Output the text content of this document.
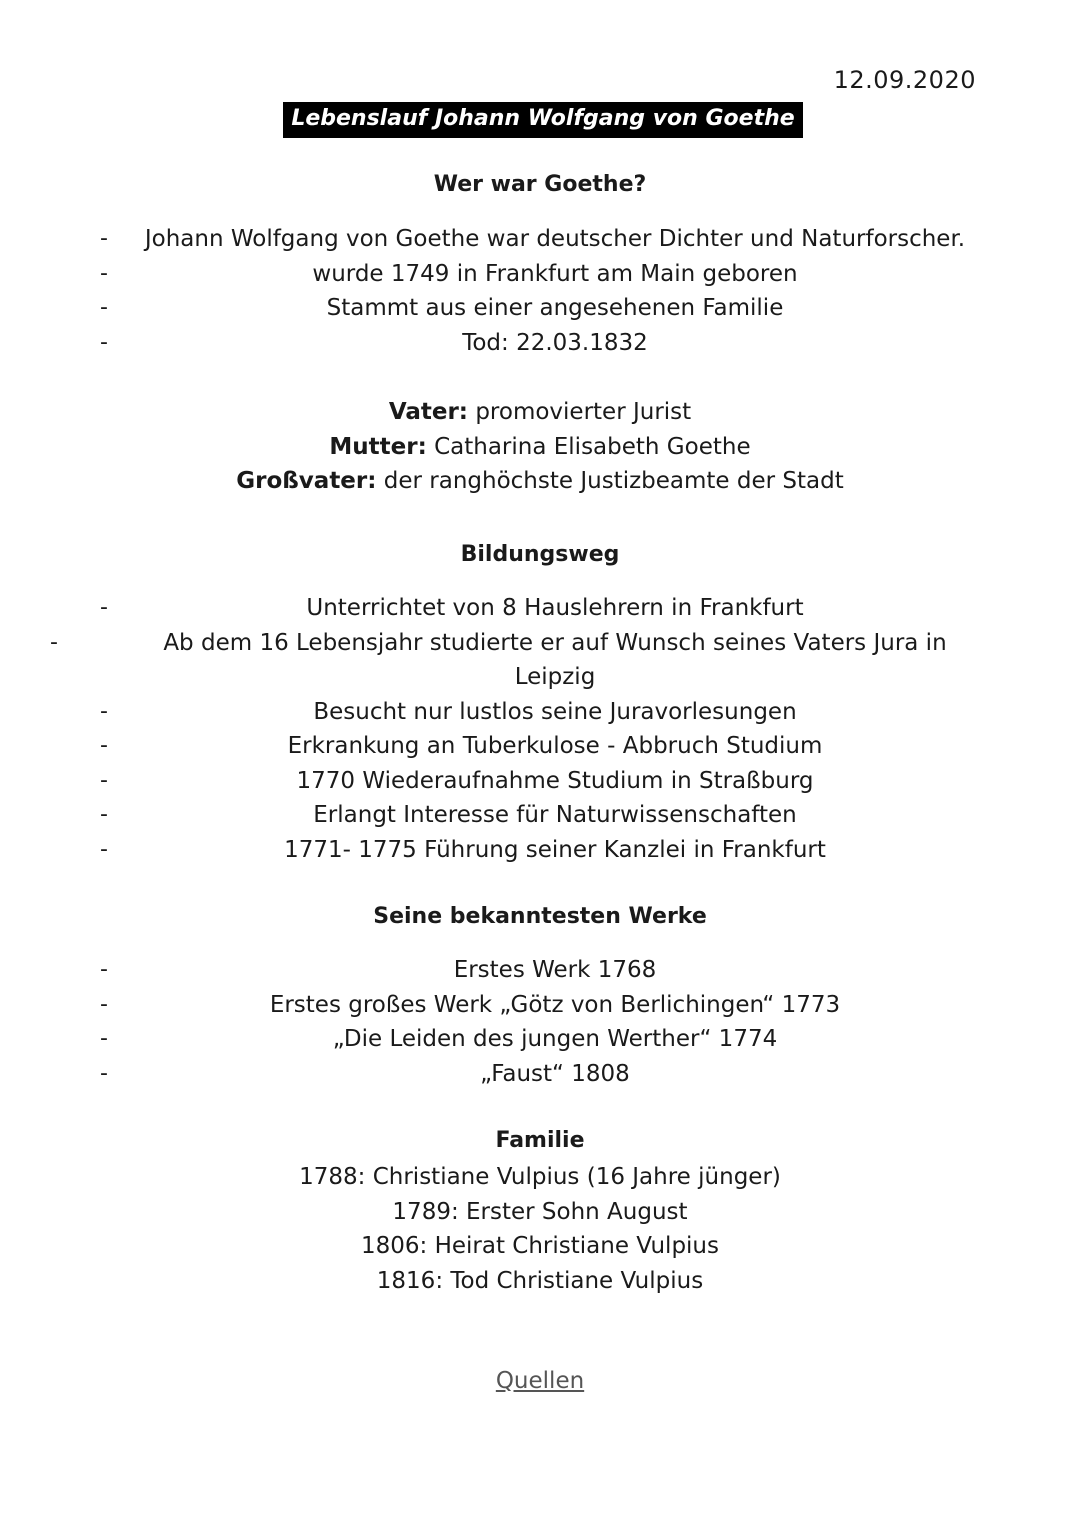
12.09.2020
Lebenslauf Johann Wolfgang von Goethe
Wer war Goethe?
-	Johann Wolfgang von Goethe war deutscher Dichter und Naturforscher.
-	wurde 1749 in Frankfurt am Main geboren
-	Stammt aus einer angesehenen Familie
-	Tod: 22.03.1832
Vater: promovierter Jurist
Mutter: Catharina Elisabeth Goethe
Großvater: der ranghöchste Justizbeamte der Stadt
Bildungsweg
-	Unterrichtet von 8 Hauslehrern in Frankfurt
-	Ab dem 16 Lebensjahr studierte er auf Wunsch seines Vaters Jura in Leipzig
-	Besucht nur lustlos seine Juravorlesungen
-	Erkrankung an Tuberkulose - Abbruch Studium
-	1770 Wiederaufnahme Studium in Straßburg
-	Erlangt Interesse für Naturwissenschaften
-	1771- 1775 Führung seiner Kanzlei in Frankfurt
Seine bekanntesten Werke
-	Erstes Werk 1768
-	Erstes großes Werk „Götz von Berlichingen“ 1773
-	„Die Leiden des jungen Werther“ 1774
-	„Faust“ 1808
Familie
1788: Christiane Vulpius (16 Jahre jünger)
1789: Erster Sohn August
1806: Heirat Christiane Vulpius
1816: Tod Christiane Vulpius
Quellen
